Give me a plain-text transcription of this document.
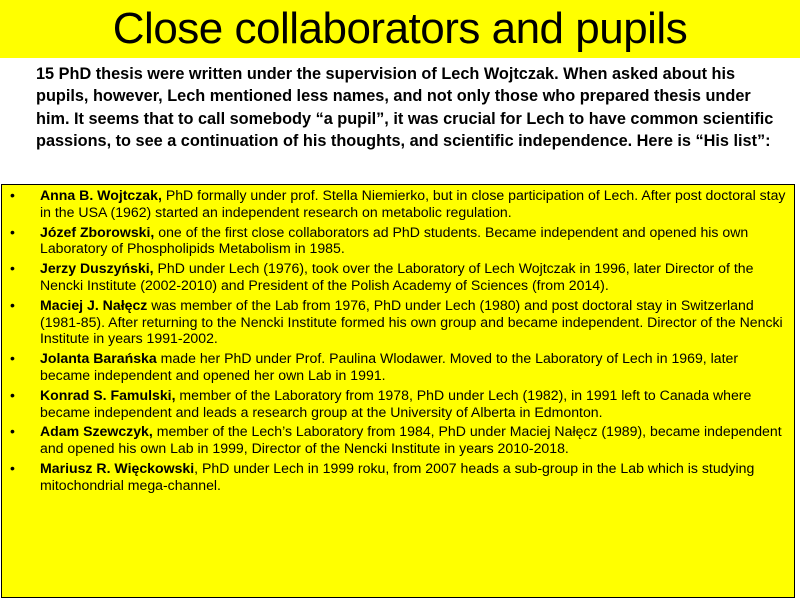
Close collaborators and pupils

15 PhD thesis were written under the supervision of Lech Wojtczak. When asked about his pupils, however, Lech mentioned less names, and not only those who prepared thesis under him. It seems that to call somebody “a pupil”, it was crucial for Lech to have common scientific passions, to see a continuation of his thoughts, and scientific independence. Here is “His list”:

• Anna B. Wojtczak, PhD formally under prof. Stella Niemierko, but in close participation of Lech. After post doctoral stay in the USA (1962) started an independent research on metabolic regulation.
• Józef Zborowski, one of the first close collaborators ad PhD students. Became independent and opened his own Laboratory of Phospholipids Metabolism in 1985.
• Jerzy Duszyński, PhD under Lech (1976), took over the Laboratory of Lech Wojtczak in 1996, later Director of the Nencki Institute (2002-2010) and President of the Polish Academy of Sciences (from 2014).
• Maciej J. Nałęcz was member of the Lab from 1976, PhD under Lech (1980) and post doctoral stay in Switzerland (1981-85). After returning to the Nencki Institute formed his own group and became independent. Director of the Nencki Institute in years 1991-2002.
• Jolanta Barańska made her PhD under Prof. Paulina Wlodawer. Moved to the Laboratory of Lech in 1969, later became independent and opened her own Lab in 1991.
• Konrad S. Famulski, member of the Laboratory from 1978, PhD under Lech (1982), in 1991 left to Canada where became independent and leads a research group at the University of Alberta in Edmonton.
• Adam Szewczyk, member of the Lech’s Laboratory from 1984, PhD under Maciej Nałęcz (1989), became independent and opened his own Lab in 1999, Director of the Nencki Institute in years 2010-2018.
• Mariusz R. Więckowski, PhD under Lech in 1999 roku, from 2007 heads a sub-group in the Lab which is studying mitochondrial mega-channel.
